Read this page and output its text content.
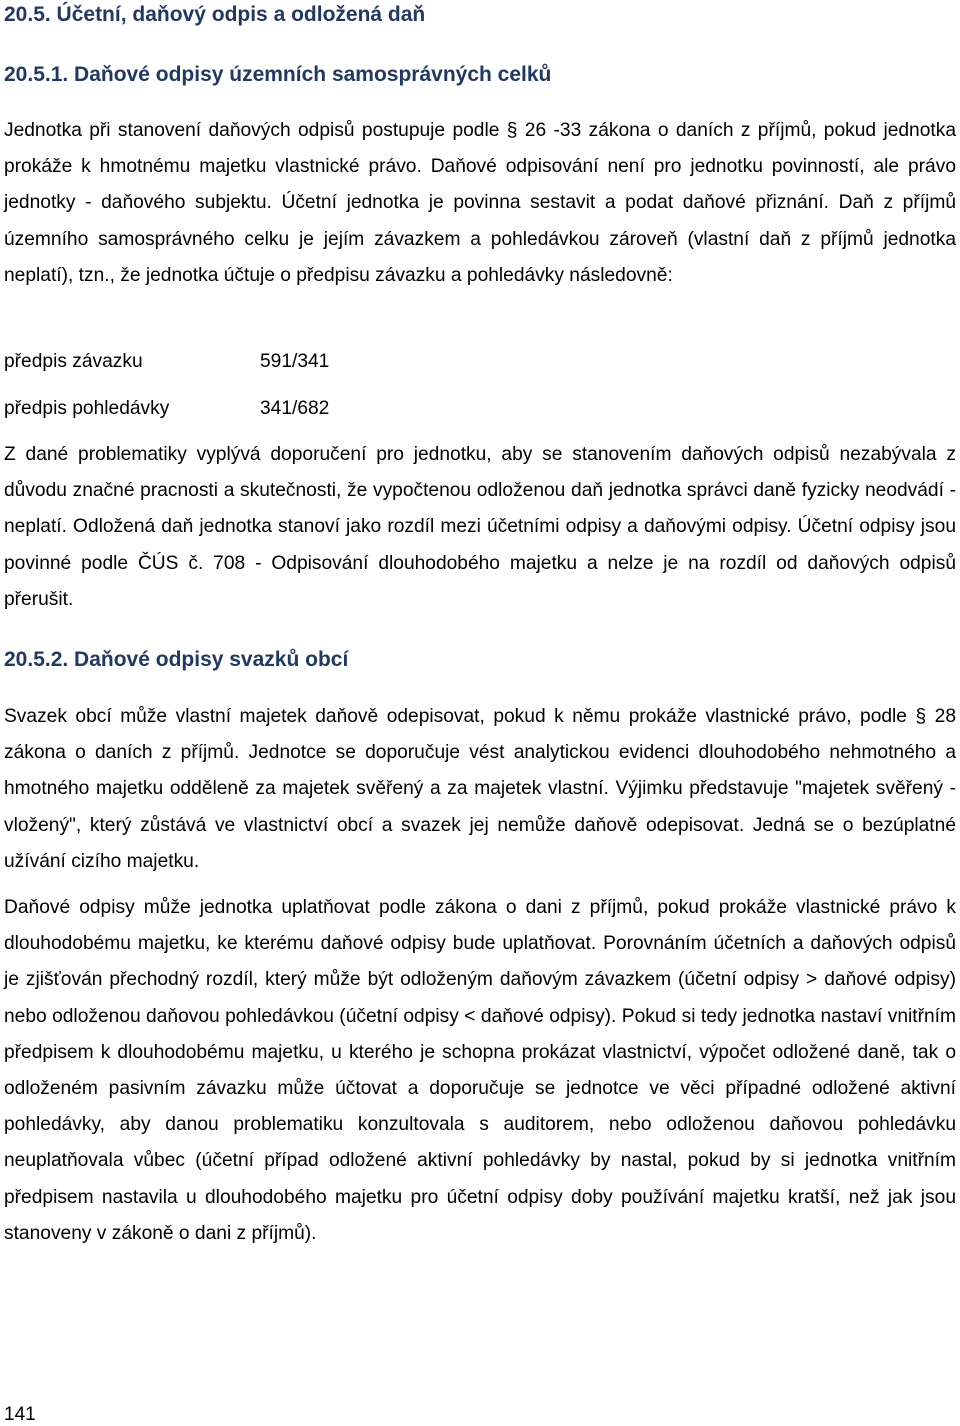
20.5. Účetní, daňový odpis a odložená daň
20.5.1. Daňové odpisy územních samosprávných celků

Jednotka při stanovení daňových odpisů postupuje podle § 26 -33 zákona o daních z příjmů, pokud jednotka prokáže k hmotnému majetku vlastnické právo. Daňové odpisování není pro jednotku povinností, ale právo jednotky - daňového subjektu. Účetní jednotka je povinna sestavit a podat daňové přiznání. Daň z příjmů územního samosprávného celku je jejím závazkem a pohledávkou zároveň (vlastní daň z příjmů jednotka neplatí), tzn., že jednotka účtuje o předpisu závazku a pohledávky následovně:

předpis závazku	591/341
předpis pohledávky	341/682

Z dané problematiky vyplývá doporučení pro jednotku, aby se stanovením daňových odpisů nezabývala z důvodu značné pracnosti a skutečnosti, že vypočtenou odloženou daň jednotka správci daně fyzicky neodvádí - neplatí. Odložená daň jednotka stanoví jako rozdíl mezi účetními odpisy a daňovými odpisy. Účetní odpisy jsou povinné podle ČÚS č. 708 - Odpisování dlouhodobého majetku a nelze je na rozdíl od daňových odpisů přerušit.

20.5.2. Daňové odpisy svazků obcí

Svazek obcí může vlastní majetek daňově odepisovat, pokud k němu prokáže vlastnické právo, podle § 28 zákona o daních z příjmů. Jednotce se doporučuje vést analytickou evidenci dlouhodobého nehmotného a hmotného majetku odděleně za majetek svěřený a za majetek vlastní. Výjimku představuje "majetek svěřený - vložený", který zůstává ve vlastnictví obcí a svazek jej nemůže daňově odepisovat. Jedná se o bezúplatné užívání cizího majetku.

Daňové odpisy může jednotka uplatňovat podle zákona o dani z příjmů, pokud prokáže vlastnické právo k dlouhodobému majetku, ke kterému daňové odpisy bude uplatňovat. Porovnáním účetních a daňových odpisů je zjišťován přechodný rozdíl, který může být odloženým daňovým závazkem (účetní odpisy > daňové odpisy) nebo odloženou daňovou pohledávkou (účetní odpisy < daňové odpisy). Pokud si tedy jednotka nastaví vnitřním předpisem k dlouhodobému majetku, u kterého je schopna prokázat vlastnictví, výpočet odložené daně, tak o odloženém pasivním závazku může účtovat a doporučuje se jednotce ve věci případné odložené aktivní pohledávky, aby danou problematiku konzultovala s auditorem, nebo odloženou daňovou pohledávku neuplatňovala vůbec (účetní případ odložené aktivní pohledávky by nastal, pokud by si jednotka vnitřním předpisem nastavila u dlouhodobého majetku pro účetní odpisy doby používání majetku kratší, než jak jsou stanoveny v zákoně o dani z příjmů).

141
